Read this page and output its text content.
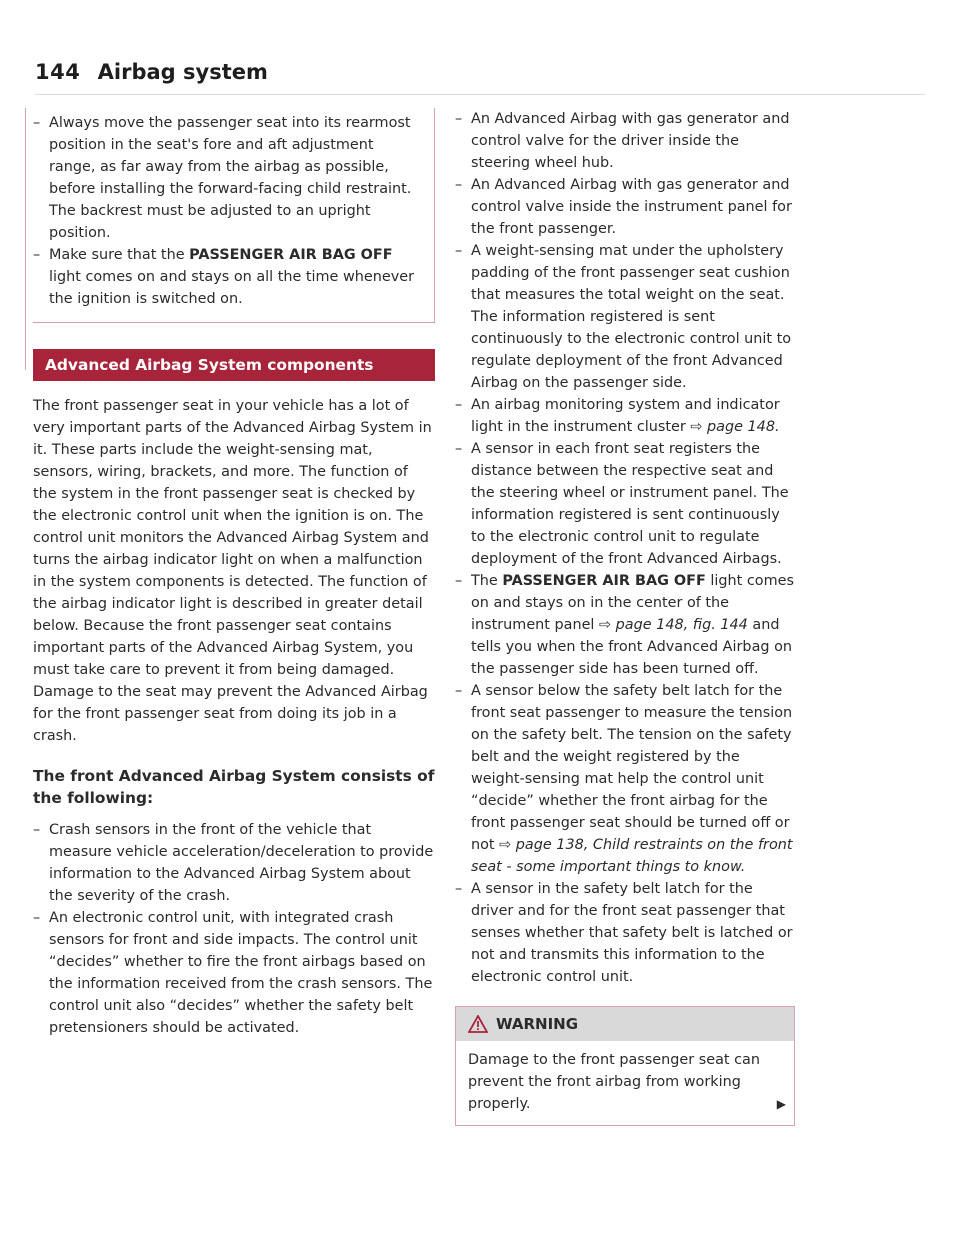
144 Airbag system

– Always move the passenger seat into its rearmost position in the seat's fore and aft adjustment range, as far away from the airbag as possible, before installing the forward-facing child restraint. The backrest must be adjusted to an upright position.

– Make sure that the PASSENGER AIR BAG OFF light comes on and stays on all the time whenever the ignition is switched on.

Advanced Airbag System components

The front passenger seat in your vehicle has a lot of very important parts of the Advanced Airbag System in it. These parts include the weight-sensing mat, sensors, wiring, brackets, and more. The function of the system in the front passenger seat is checked by the electronic control unit when the ignition is on. The control unit monitors the Advanced Airbag System and turns the airbag indicator light on when a malfunction in the system components is detected. The function of the airbag indicator light is described in greater detail below. Because the front passenger seat contains important parts of the Advanced Airbag System, you must take care to prevent it from being damaged. Damage to the seat may prevent the Advanced Airbag for the front passenger seat from doing its job in a crash.

The front Advanced Airbag System consists of the following:

– Crash sensors in the front of the vehicle that measure vehicle acceleration/deceleration to provide information to the Advanced Airbag System about the severity of the crash.

– An electronic control unit, with integrated crash sensors for front and side impacts. The control unit “decides” whether to fire the front airbags based on the information received from the crash sensors. The control unit also “decides” whether the safety belt pretensioners should be activated.

– An Advanced Airbag with gas generator and control valve for the driver inside the steering wheel hub.

– An Advanced Airbag with gas generator and control valve inside the instrument panel for the front passenger.

– A weight-sensing mat under the upholstery padding of the front passenger seat cushion that measures the total weight on the seat. The information registered is sent continuously to the electronic control unit to regulate deployment of the front Advanced Airbag on the passenger side.

– An airbag monitoring system and indicator light in the instrument cluster ⇨ page 148.

– A sensor in each front seat registers the distance between the respective seat and the steering wheel or instrument panel. The information registered is sent continuously to the electronic control unit to regulate deployment of the front Advanced Airbags.

– The PASSENGER AIR BAG OFF light comes on and stays on in the center of the instrument panel ⇨ page 148, fig. 144 and tells you when the front Advanced Airbag on the passenger side has been turned off.

– A sensor below the safety belt latch for the front seat passenger to measure the tension on the safety belt. The tension on the safety belt and the weight registered by the weight-sensing mat help the control unit “decide” whether the front airbag for the front passenger seat should be turned off or not ⇨ page 138, Child restraints on the front seat - some important things to know.

– A sensor in the safety belt latch for the driver and for the front seat passenger that senses whether that safety belt is latched or not and transmits this information to the electronic control unit.

WARNING
Damage to the front passenger seat can prevent the front airbag from working properly.	▶
